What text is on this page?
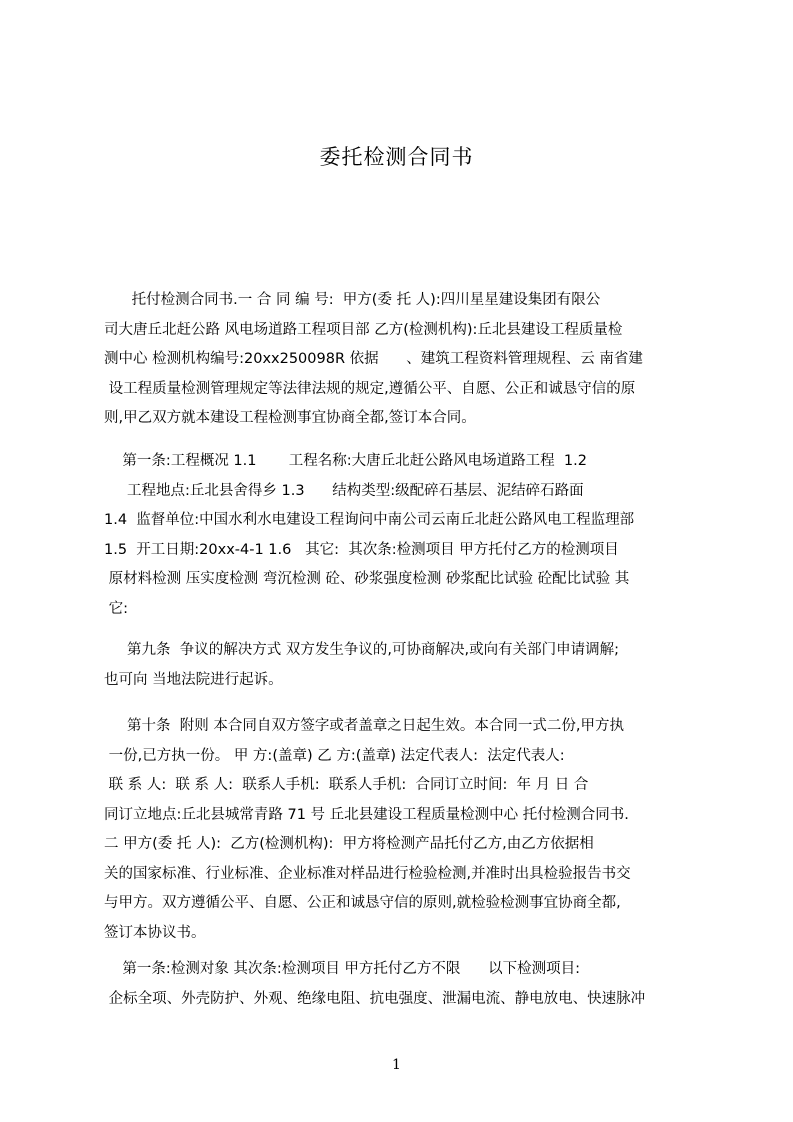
委托检测合同书
托付检测合同书.一 合 同 编 号:  甲方(委 托 人):四川星星建设集团有限公
司大唐丘北赶公路 风电场道路工程项目部 乙方(检测机构):丘北县建设工程质量检
测中心 检测机构编号:20xx250098R 依据      、建筑工程资料管理规程、云 南省建
设工程质量检测管理规定等法律法规的规定,遵循公平、自愿、公正和诚恳守信的原
则,甲乙双方就本建设工程检测事宜协商全都,签订本合同。
第一条:工程概况 1.1       工程名称:大唐丘北赶公路风电场道路工程  1.2
工程地点:丘北县舍得乡 1.3      结构类型:级配碎石基层、泥结碎石路面
1.4  监督单位:中国水利水电建设工程询问中南公司云南丘北赶公路风电工程监理部
1.5  开工日期:20xx-4-1 1.6   其它:  其次条:检测项目 甲方托付乙方的检测项目
原材料检测 压实度检测 弯沉检测 砼、砂浆强度检测 砂浆配比试验 砼配比试验 其
它:
第九条  争议的解决方式 双方发生争议的,可协商解决,或向有关部门申请调解;
也可向 当地法院进行起诉。
第十条  附则 本合同自双方签字或者盖章之日起生效。本合同一式二份,甲方执
一份,已方执一份。 甲 方:(盖章) 乙 方:(盖章) 法定代表人:  法定代表人:
联 系 人:  联 系 人:  联系人手机:  联系人手机:  合同订立时间:  年 月 日 合
同订立地点:丘北县城常青路 71 号 丘北县建设工程质量检测中心 托付检测合同书.
二 甲方(委 托 人):  乙方(检测机构):  甲方将检测产品托付乙方,由乙方依据相
关的国家标准、行业标准、企业标准对样品进行检验检测,并准时出具检验报告书交
与甲方。双方遵循公平、自愿、公正和诚恳守信的原则,就检验检测事宜协商全都,
签订本协议书。
第一条:检测对象 其次条:检测项目 甲方托付乙方不限      以下检测项目:
企标全项、外壳防护、外观、绝缘电阻、抗电强度、泄漏电流、静电放电、快速脉冲
1
